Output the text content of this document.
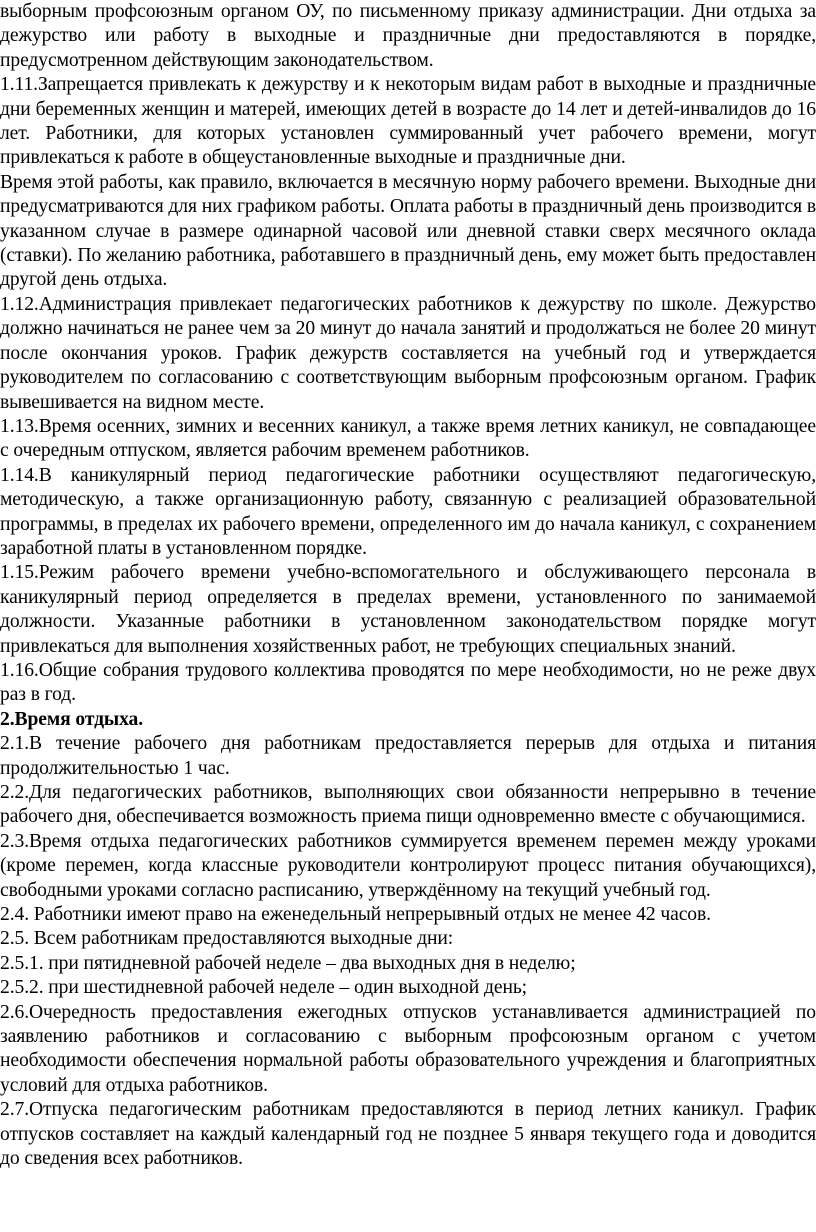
выборным профсоюзным органом ОУ, по письменному приказу администрации. Дни отдыха за дежурство или работу в выходные и праздничные дни предоставляются в порядке, предусмотренном действующим законодательством.

1.11.Запрещается привлекать к дежурству и к некоторым видам работ в выходные и праздничные дни беременных женщин и матерей, имеющих детей в возрасте до 14 лет и детей-инвалидов до 16 лет. Работники, для которых установлен суммированный учет рабочего времени, могут привлекаться к работе в общеустановленные выходные и праздничные дни.

Время этой работы, как правило, включается в месячную норму рабочего времени. Выходные дни предусматриваются для них графиком работы. Оплата работы в праздничный день производится в указанном случае в размере одинарной часовой или дневной ставки сверх месячного оклада (ставки). По желанию работника, работавшего в праздничный день, ему может быть предоставлен другой день отдыха.

1.12.Администрация привлекает педагогических работников к дежурству по школе. Дежурство должно начинаться не ранее чем за 20 минут до начала занятий и продолжаться не более 20 минут после окончания уроков. График дежурств составляется на учебный год и утверждается руководителем по согласованию с соответствующим выборным профсоюзным органом. График вывешивается на видном месте.

1.13.Время осенних, зимних и весенних каникул, а также время летних каникул, не совпадающее с очередным отпуском, является рабочим временем работников.

1.14.В каникулярный период педагогические работники осуществляют педагогическую, методическую, а также организационную работу, связанную с реализацией образовательной программы, в пределах их рабочего времени, определенного им до начала каникул, с сохранением заработной платы в установленном порядке.

1.15.Режим рабочего времени учебно-вспомогательного и обслуживающего персонала в каникулярный период определяется в пределах времени, установленного по занимаемой должности. Указанные работники в установленном законодательством порядке могут привлекаться для выполнения хозяйственных работ, не требующих специальных знаний.

1.16.Общие собрания трудового коллектива проводятся по мере необходимости, но не реже двух раз в год.

2.Время отдыха.

2.1.В течение рабочего дня работникам предоставляется перерыв для отдыха и питания продолжительностью 1 час.

2.2.Для педагогических работников, выполняющих свои обязанности непрерывно в течение рабочего дня, обеспечивается возможность приема пищи одновременно вместе с обучающимися.

2.3.Время отдыха педагогических работников суммируется временем перемен между уроками (кроме перемен, когда классные руководители контролируют процесс питания обучающихся), свободными уроками согласно расписанию, утверждённому на текущий учебный год.

2.4. Работники имеют право на еженедельный непрерывный отдых не менее 42 часов.

2.5. Всем работникам предоставляются выходные дни:

2.5.1. при пятидневной рабочей неделе – два выходных дня в неделю;

2.5.2. при шестидневной рабочей неделе – один выходной день;

2.6.Очередность предоставления ежегодных отпусков устанавливается администрацией по заявлению работников и согласованию с выборным профсоюзным органом с учетом необходимости обеспечения нормальной работы образовательного учреждения и благоприятных условий для отдыха работников.

2.7.Отпуска педагогическим работникам предоставляются в период летних каникул. График отпусков составляет на каждый календарный год не позднее 5 января текущего года и доводится до сведения всех работников.
